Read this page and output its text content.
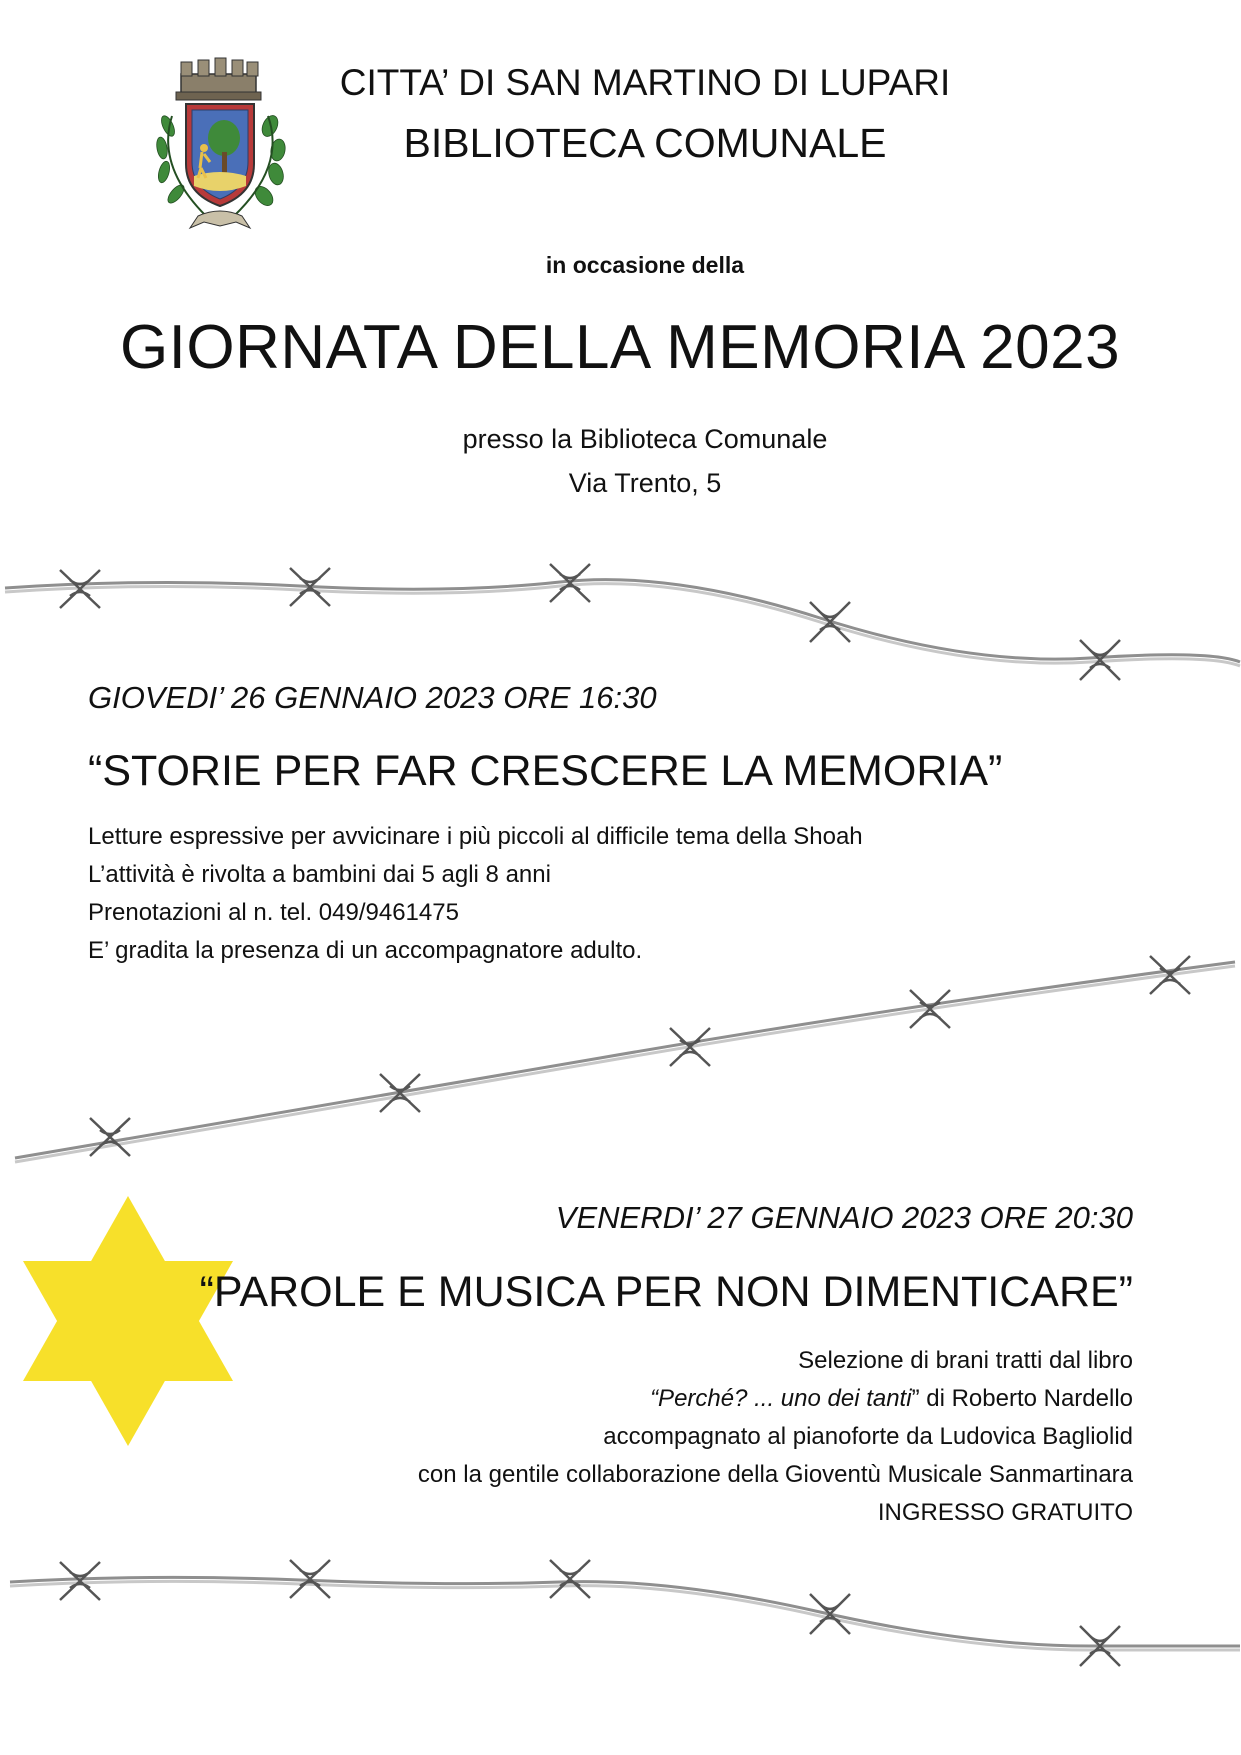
CITTA’ DI SAN MARTINO DI LUPARI
BIBLIOTECA COMUNALE
in occasione della
GIORNATA DELLA MEMORIA 2023
presso la Biblioteca Comunale
Via Trento, 5
GIOVEDI’ 26 GENNAIO 2023 ORE 16:30
“STORIE PER FAR CRESCERE LA MEMORIA”
Letture espressive per avvicinare i più piccoli al difficile tema della Shoah
L’attività è rivolta a bambini dai 5 agli 8 anni
Prenotazioni al n. tel. 049/9461475
E’ gradita la presenza di un accompagnatore adulto.
VENERDI’ 27 GENNAIO 2023 ORE 20:30
“PAROLE E MUSICA PER NON DIMENTICARE”
Selezione di brani tratti dal libro
“Perché? ... uno dei tanti” di Roberto Nardello
accompagnato al pianoforte da Ludovica Bagliolid
con la gentile collaborazione della Gioventù Musicale Sanmartinara
INGRESSO GRATUITO
